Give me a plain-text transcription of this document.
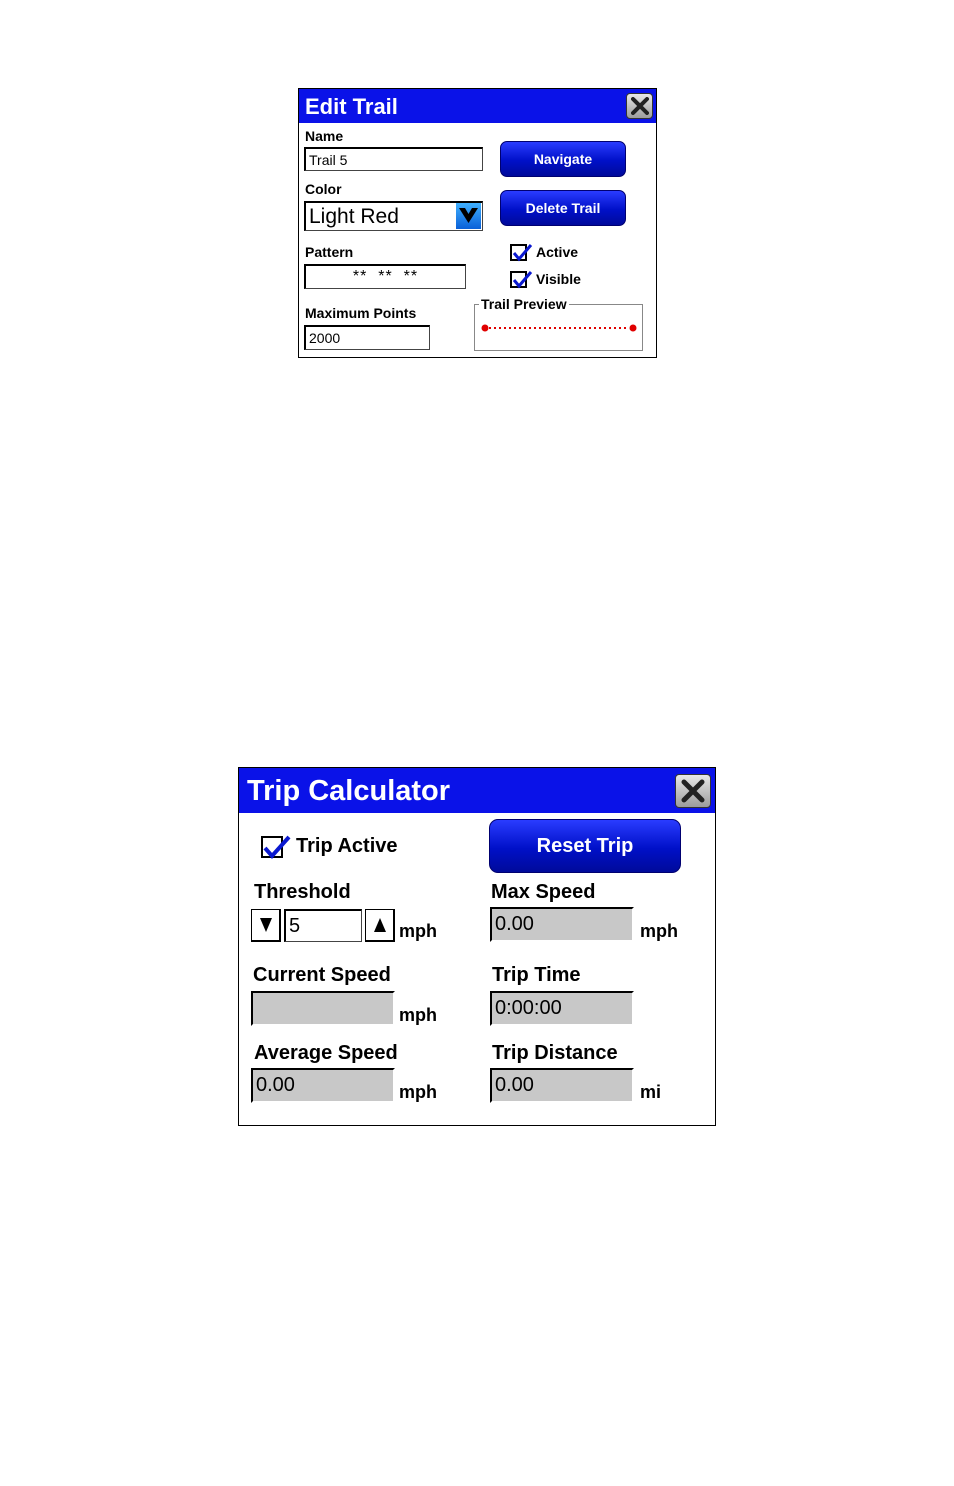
Edit Trail
Name
Trail 5
Color
Light Red
Pattern
**  **  **
Maximum Points
2000
Navigate
Delete Trail
Active
Visible
Trail Preview
Trip Calculator
Trip Active	Reset Trip
Threshold
5	mph
Max Speed
0.00	mph
Current Speed
mph
Trip Time
0:00:00
Average Speed
0.00	mph
Trip Distance
0.00	mi
